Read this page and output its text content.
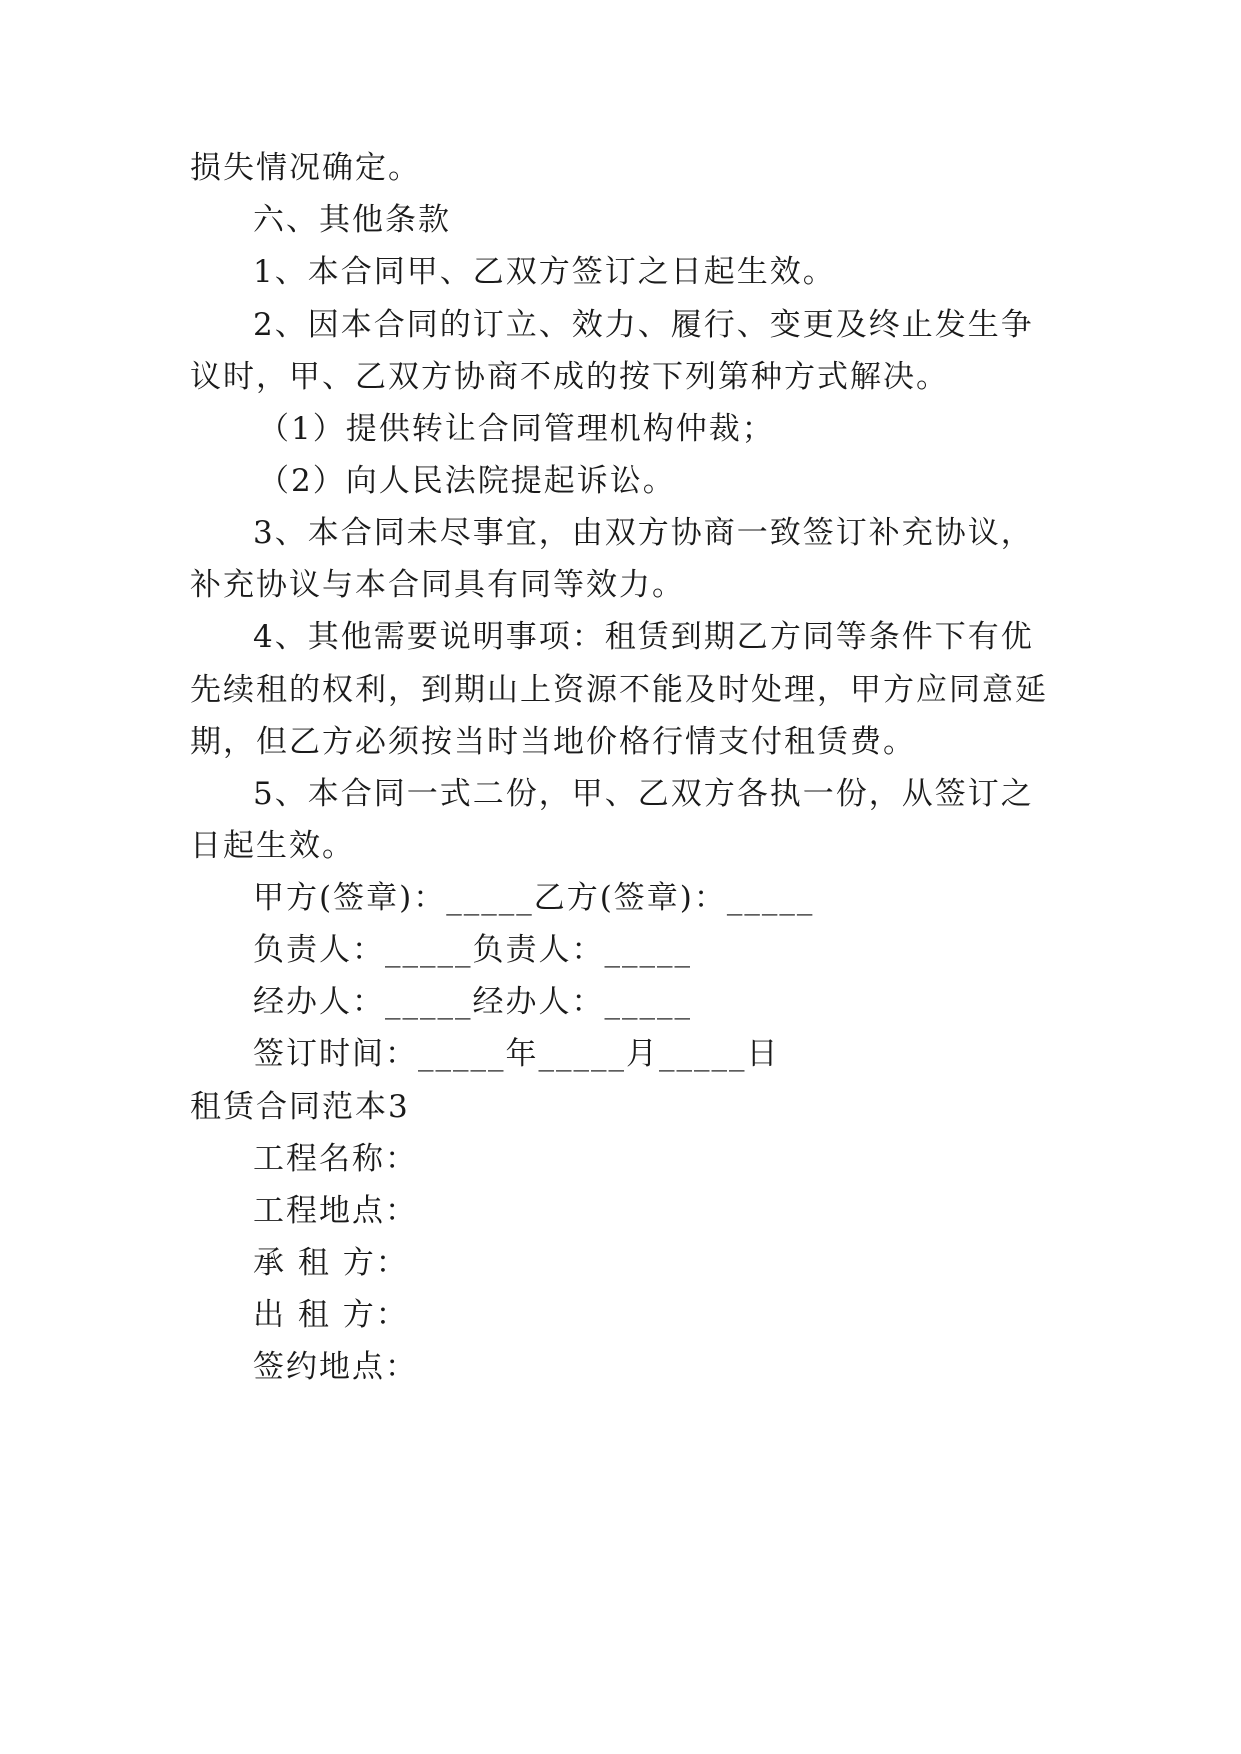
损失情况确定。
六、其他条款
1、本合同甲、乙双方签订之日起生效。
2、因本合同的订立、效力、履行、变更及终止发生争
议时，甲、乙双方协商不成的按下列第种方式解决。
（1）提供转让合同管理机构仲裁；
（2）向人民法院提起诉讼。
3、本合同未尽事宜，由双方协商一致签订补充协议，
补充协议与本合同具有同等效力。
4、其他需要说明事项：租赁到期乙方同等条件下有优
先续租的权利，到期山上资源不能及时处理，甲方应同意延
期，但乙方必须按当时当地价格行情支付租赁费。
5、本合同一式二份，甲、乙双方各执一份，从签订之
日起生效。
甲方(签章)：_____乙方(签章)：_____
负责人：_____负责人：_____
经办人：_____经办人：_____
签订时间：_____年_____月_____日
租赁合同范本3
工程名称：
工程地点：
承 租 方：
出 租 方：
签约地点：
